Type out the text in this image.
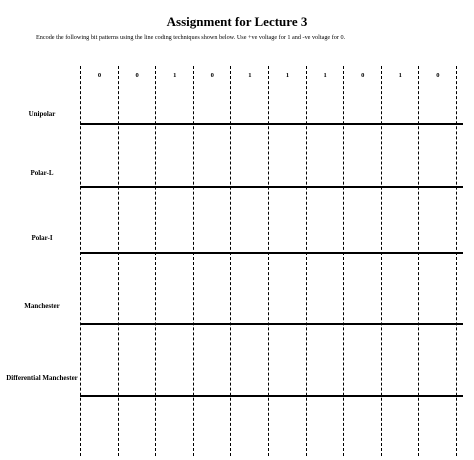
Assignment for Lecture 3

Encode the following bit patterns using the line coding techniques shown below. Use +ve voltage for 1 and -ve voltage for 0.

0	0	1	0	1	1	1	0	1	0
Unipolar
Polar-L
Polar-I
Manchester
Differential Manchester
